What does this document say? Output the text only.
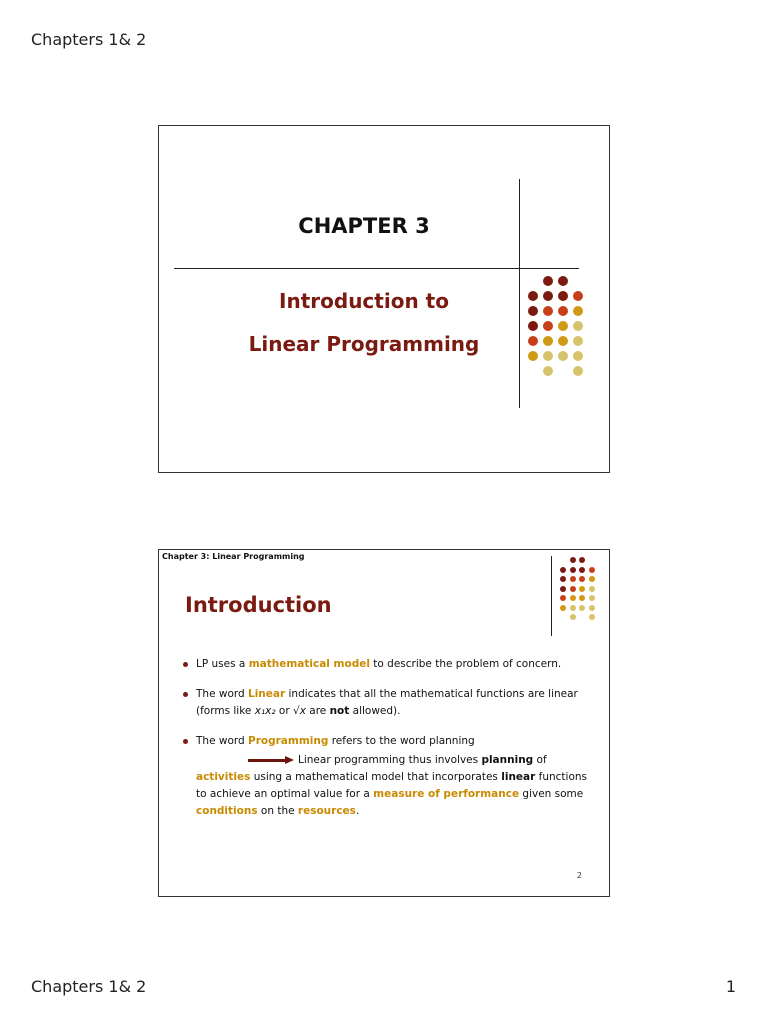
Chapters 1& 2
CHAPTER 3
Introduction to
Linear Programming
Chapter 3: Linear Programming
Introduction
LP uses a mathematical model to describe the problem of concern.
The word Linear indicates that all the mathematical functions are linear (forms like x₁x₂ or √x are not allowed).
The word Programming refers to the word planning
Linear programming thus involves planning of activities using a mathematical model that incorporates linear functions to achieve an optimal value for a measure of performance given some conditions on the resources.
2
Chapters 1& 2	1
